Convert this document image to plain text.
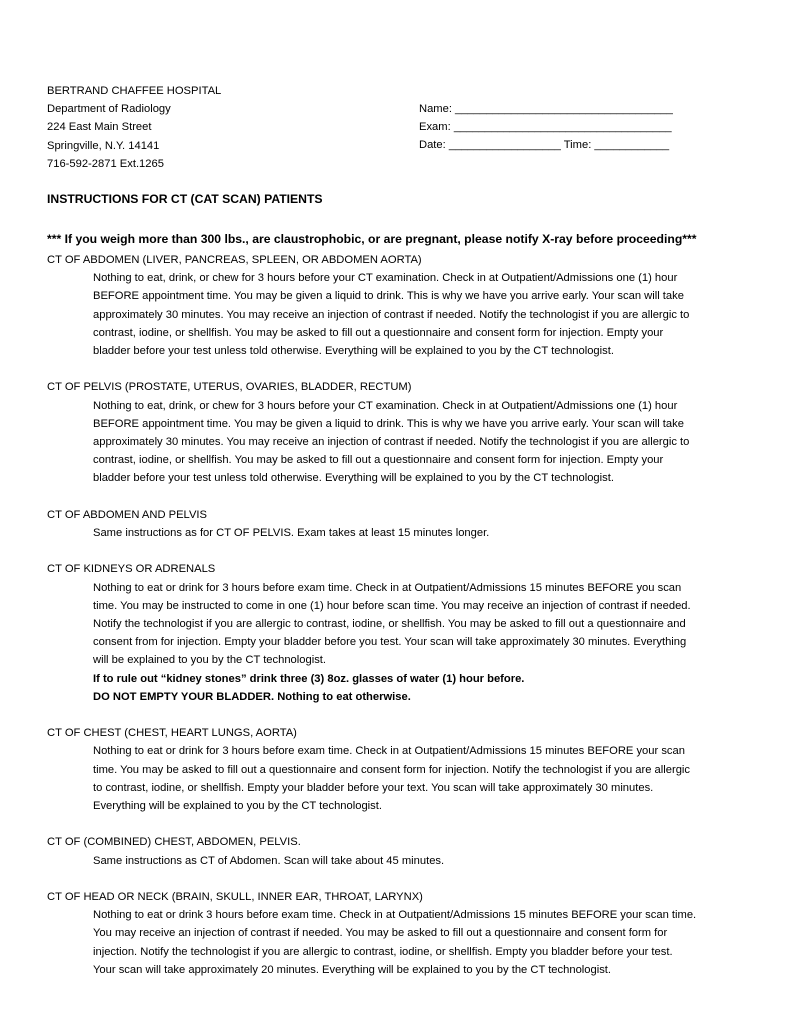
BERTRAND CHAFFEE HOSPITAL
Department of Radiology
224 East Main Street
Springville, N.Y. 14141
716-592-2871 Ext.1265
Name: ___________________________________
Exam: ___________________________________
Date: __________________ Time: ____________
INSTRUCTIONS FOR CT (CAT SCAN) PATIENTS
*** If you weigh more than 300 lbs., are claustrophobic, or are pregnant, please notify X-ray before proceeding***
CT OF ABDOMEN (LIVER, PANCREAS, SPLEEN, OR ABDOMEN AORTA)
Nothing to eat, drink, or chew for 3 hours before your CT examination. Check in at Outpatient/Admissions one (1) hour
BEFORE appointment time. You may be given a liquid to drink. This is why we have you arrive early. Your scan will take
approximately 30 minutes. You may receive an injection of contrast if needed. Notify the technologist if you are allergic to
contrast, iodine, or shellfish. You may be asked to fill out a questionnaire and consent form for injection. Empty your
bladder before your test unless told otherwise. Everything will be explained to you by the CT technologist.
CT OF PELVIS (PROSTATE, UTERUS, OVARIES, BLADDER, RECTUM)
Nothing to eat, drink, or chew for 3 hours before your CT examination. Check in at Outpatient/Admissions one (1) hour
BEFORE appointment time. You may be given a liquid to drink. This is why we have you arrive early. Your scan will take
approximately 30 minutes. You may receive an injection of contrast if needed. Notify the technologist if you are allergic to
contrast, iodine, or shellfish. You may be asked to fill out a questionnaire and consent form for injection. Empty your
bladder before your test unless told otherwise. Everything will be explained to you by the CT technologist.
CT OF ABDOMEN AND PELVIS
Same instructions as for CT OF PELVIS. Exam takes at least 15 minutes longer.
CT OF KIDNEYS OR ADRENALS
Nothing to eat or drink for 3 hours before exam time. Check in at Outpatient/Admissions 15 minutes BEFORE you scan
time. You may be instructed to come in one (1) hour before scan time. You may receive an injection of contrast if needed.
Notify the technologist if you are allergic to contrast, iodine, or shellfish. You may be asked to fill out a questionnaire and
consent from for injection. Empty your bladder before you test. Your scan will take approximately 30 minutes. Everything
will be explained to you by the CT technologist.
If to rule out “kidney stones” drink three (3) 8oz. glasses of water (1) hour before.
DO NOT EMPTY YOUR BLADDER. Nothing to eat otherwise.
CT OF CHEST (CHEST, HEART LUNGS, AORTA)
Nothing to eat or drink for 3 hours before exam time. Check in at Outpatient/Admissions 15 minutes BEFORE your scan
time. You may be asked to fill out a questionnaire and consent form for injection. Notify the technologist if you are allergic
to contrast, iodine, or shellfish. Empty your bladder before your text. You scan will take approximately 30 minutes.
Everything will be explained to you by the CT technologist.
CT OF (COMBINED) CHEST, ABDOMEN, PELVIS.
Same instructions as CT of Abdomen. Scan will take about 45 minutes.
CT OF HEAD OR NECK (BRAIN, SKULL, INNER EAR, THROAT, LARYNX)
Nothing to eat or drink 3 hours before exam time. Check in at Outpatient/Admissions 15 minutes BEFORE your scan time.
You may receive an injection of contrast if needed. You may be asked to fill out a questionnaire and consent form for
injection. Notify the technologist if you are allergic to contrast, iodine, or shellfish. Empty you bladder before your test.
Your scan will take approximately 20 minutes. Everything will be explained to you by the CT technologist.
